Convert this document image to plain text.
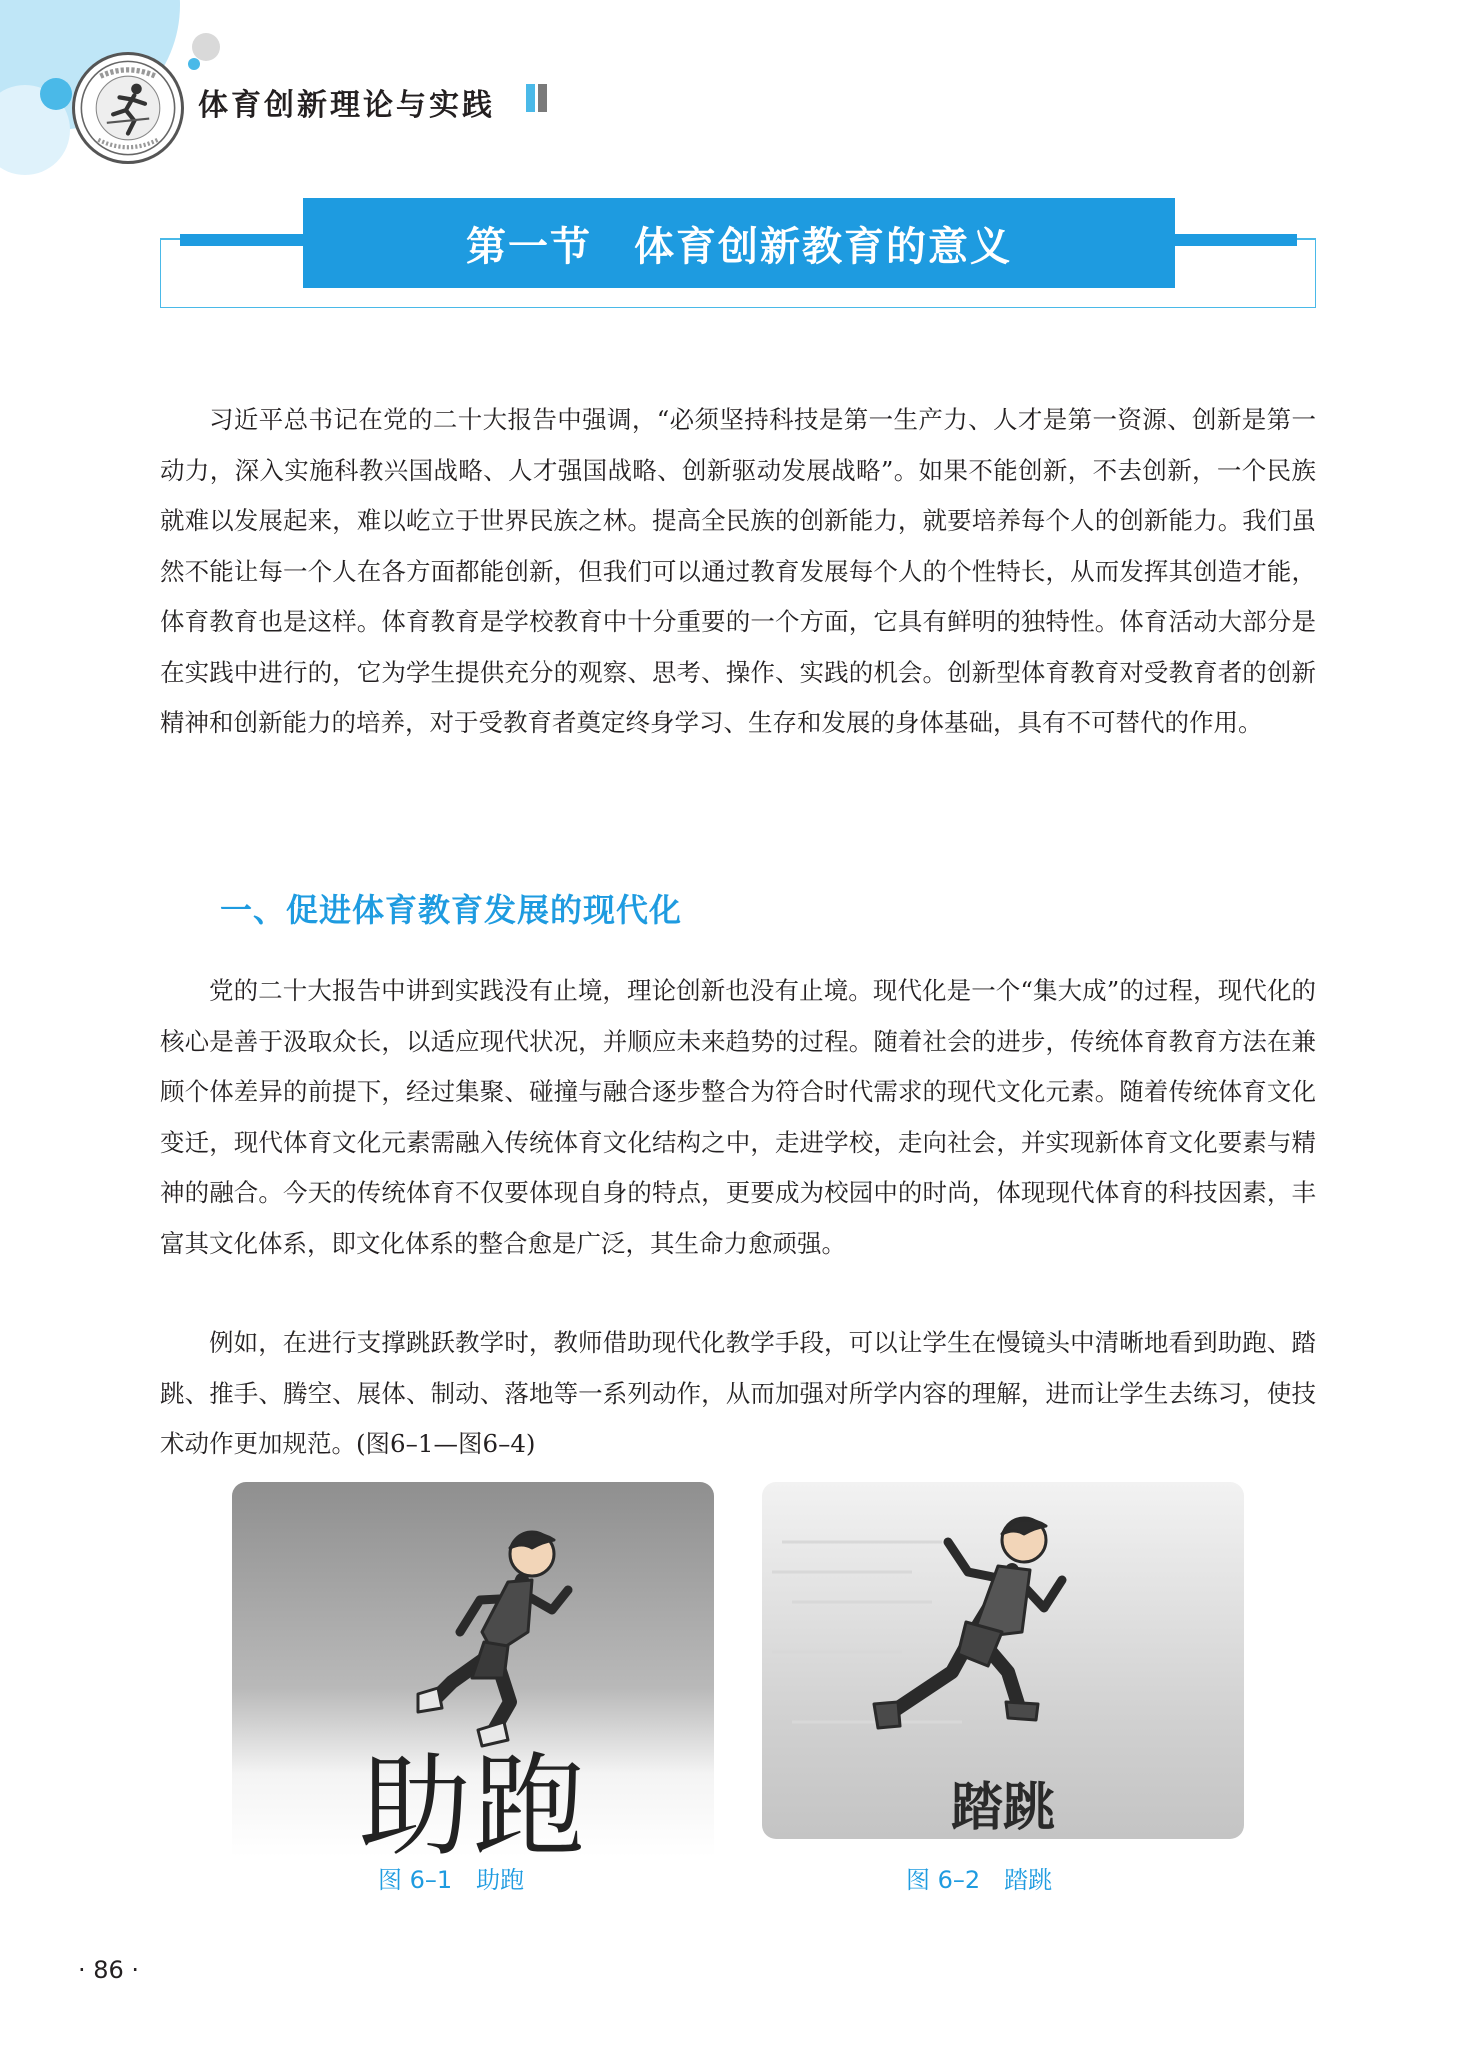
体育创新理论与实践
第一节　体育创新教育的意义

习近平总书记在党的二十大报告中强调，“必须坚持科技是第一生产力、人才是第一资源、创新是第一动力，深入实施科教兴国战略、人才强国战略、创新驱动发展战略”。如果不能创新，不去创新，一个民族就难以发展起来，难以屹立于世界民族之林。提高全民族的创新能力，就要培养每个人的创新能力。我们虽然不能让每一个人在各方面都能创新，但我们可以通过教育发展每个人的个性特长，从而发挥其创造才能，体育教育也是这样。体育教育是学校教育中十分重要的一个方面，它具有鲜明的独特性。体育活动大部分是在实践中进行的，它为学生提供充分的观察、思考、操作、实践的机会。创新型体育教育对受教育者的创新精神和创新能力的培养，对于受教育者奠定终身学习、生存和发展的身体基础，具有不可替代的作用。

一、促进体育教育发展的现代化

党的二十大报告中讲到实践没有止境，理论创新也没有止境。现代化是一个“集大成”的过程，现代化的核心是善于汲取众长，以适应现代状况，并顺应未来趋势的过程。随着社会的进步，传统体育教育方法在兼顾个体差异的前提下，经过集聚、碰撞与融合逐步整合为符合时代需求的现代文化元素。随着传统体育文化变迁，现代体育文化元素需融入传统体育文化结构之中，走进学校，走向社会，并实现新体育文化要素与精神的融合。今天的传统体育不仅要体现自身的特点，更要成为校园中的时尚，体现现代体育的科技因素，丰富其文化体系，即文化体系的整合愈是广泛，其生命力愈顽强。

例如，在进行支撑跳跃教学时，教师借助现代化教学手段，可以让学生在慢镜头中清晰地看到助跑、踏跳、推手、腾空、展体、制动、落地等一系列动作，从而加强对所学内容的理解，进而让学生去练习，使技术动作更加规范。(图6–1—图6–4)

助跑
图 6–1　助跑
踏跳
图 6–2　踏跳
· 86 ·
